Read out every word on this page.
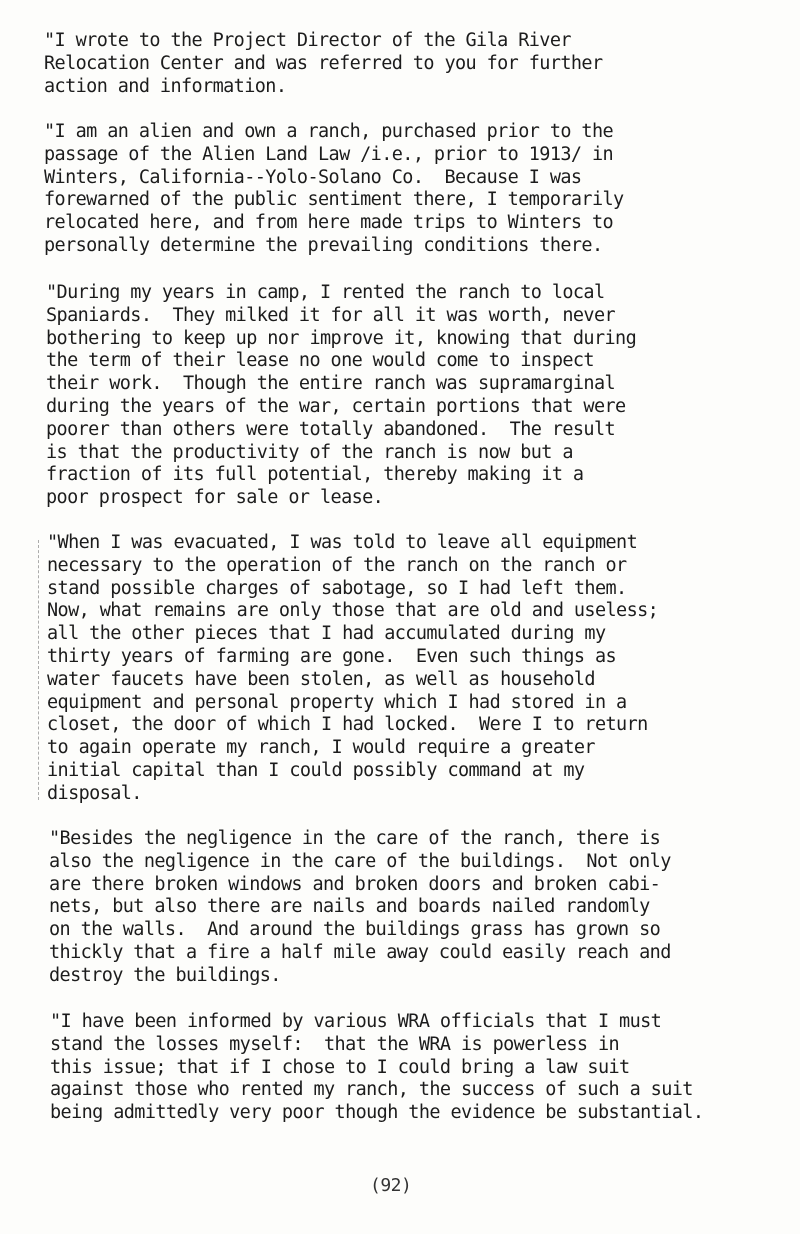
"I wrote to the Project Director of the Gila River
Relocation Center and was referred to you for further
action and information.

"I am an alien and own a ranch, purchased prior to the
passage of the Alien Land Law /i.e., prior to 1913/ in
Winters, California--Yolo-Solano Co.  Because I was
forewarned of the public sentiment there, I temporarily
relocated here, and from here made trips to Winters to
personally determine the prevailing conditions there.

"During my years in camp, I rented the ranch to local
Spaniards.  They milked it for all it was worth, never
bothering to keep up nor improve it, knowing that during
the term of their lease no one would come to inspect
their work.  Though the entire ranch was supramarginal
during the years of the war, certain portions that were
poorer than others were totally abandoned.  The result
is that the productivity of the ranch is now but a
fraction of its full potential, thereby making it a
poor prospect for sale or lease.

"When I was evacuated, I was told to leave all equipment
necessary to the operation of the ranch on the ranch or
stand possible charges of sabotage, so I had left them.
Now, what remains are only those that are old and useless;
all the other pieces that I had accumulated during my
thirty years of farming are gone.  Even such things as
water faucets have been stolen, as well as household
equipment and personal property which I had stored in a
closet, the door of which I had locked.  Were I to return
to again operate my ranch, I would require a greater
initial capital than I could possibly command at my
disposal.

"Besides the negligence in the care of the ranch, there is
also the negligence in the care of the buildings.  Not only
are there broken windows and broken doors and broken cabi-
nets, but also there are nails and boards nailed randomly
on the walls.  And around the buildings grass has grown so
thickly that a fire a half mile away could easily reach and
destroy the buildings.

"I have been informed by various WRA officials that I must
stand the losses myself:  that the WRA is powerless in
this issue; that if I chose to I could bring a law suit
against those who rented my ranch, the success of such a suit
being admittedly very poor though the evidence be substantial.

(92)
